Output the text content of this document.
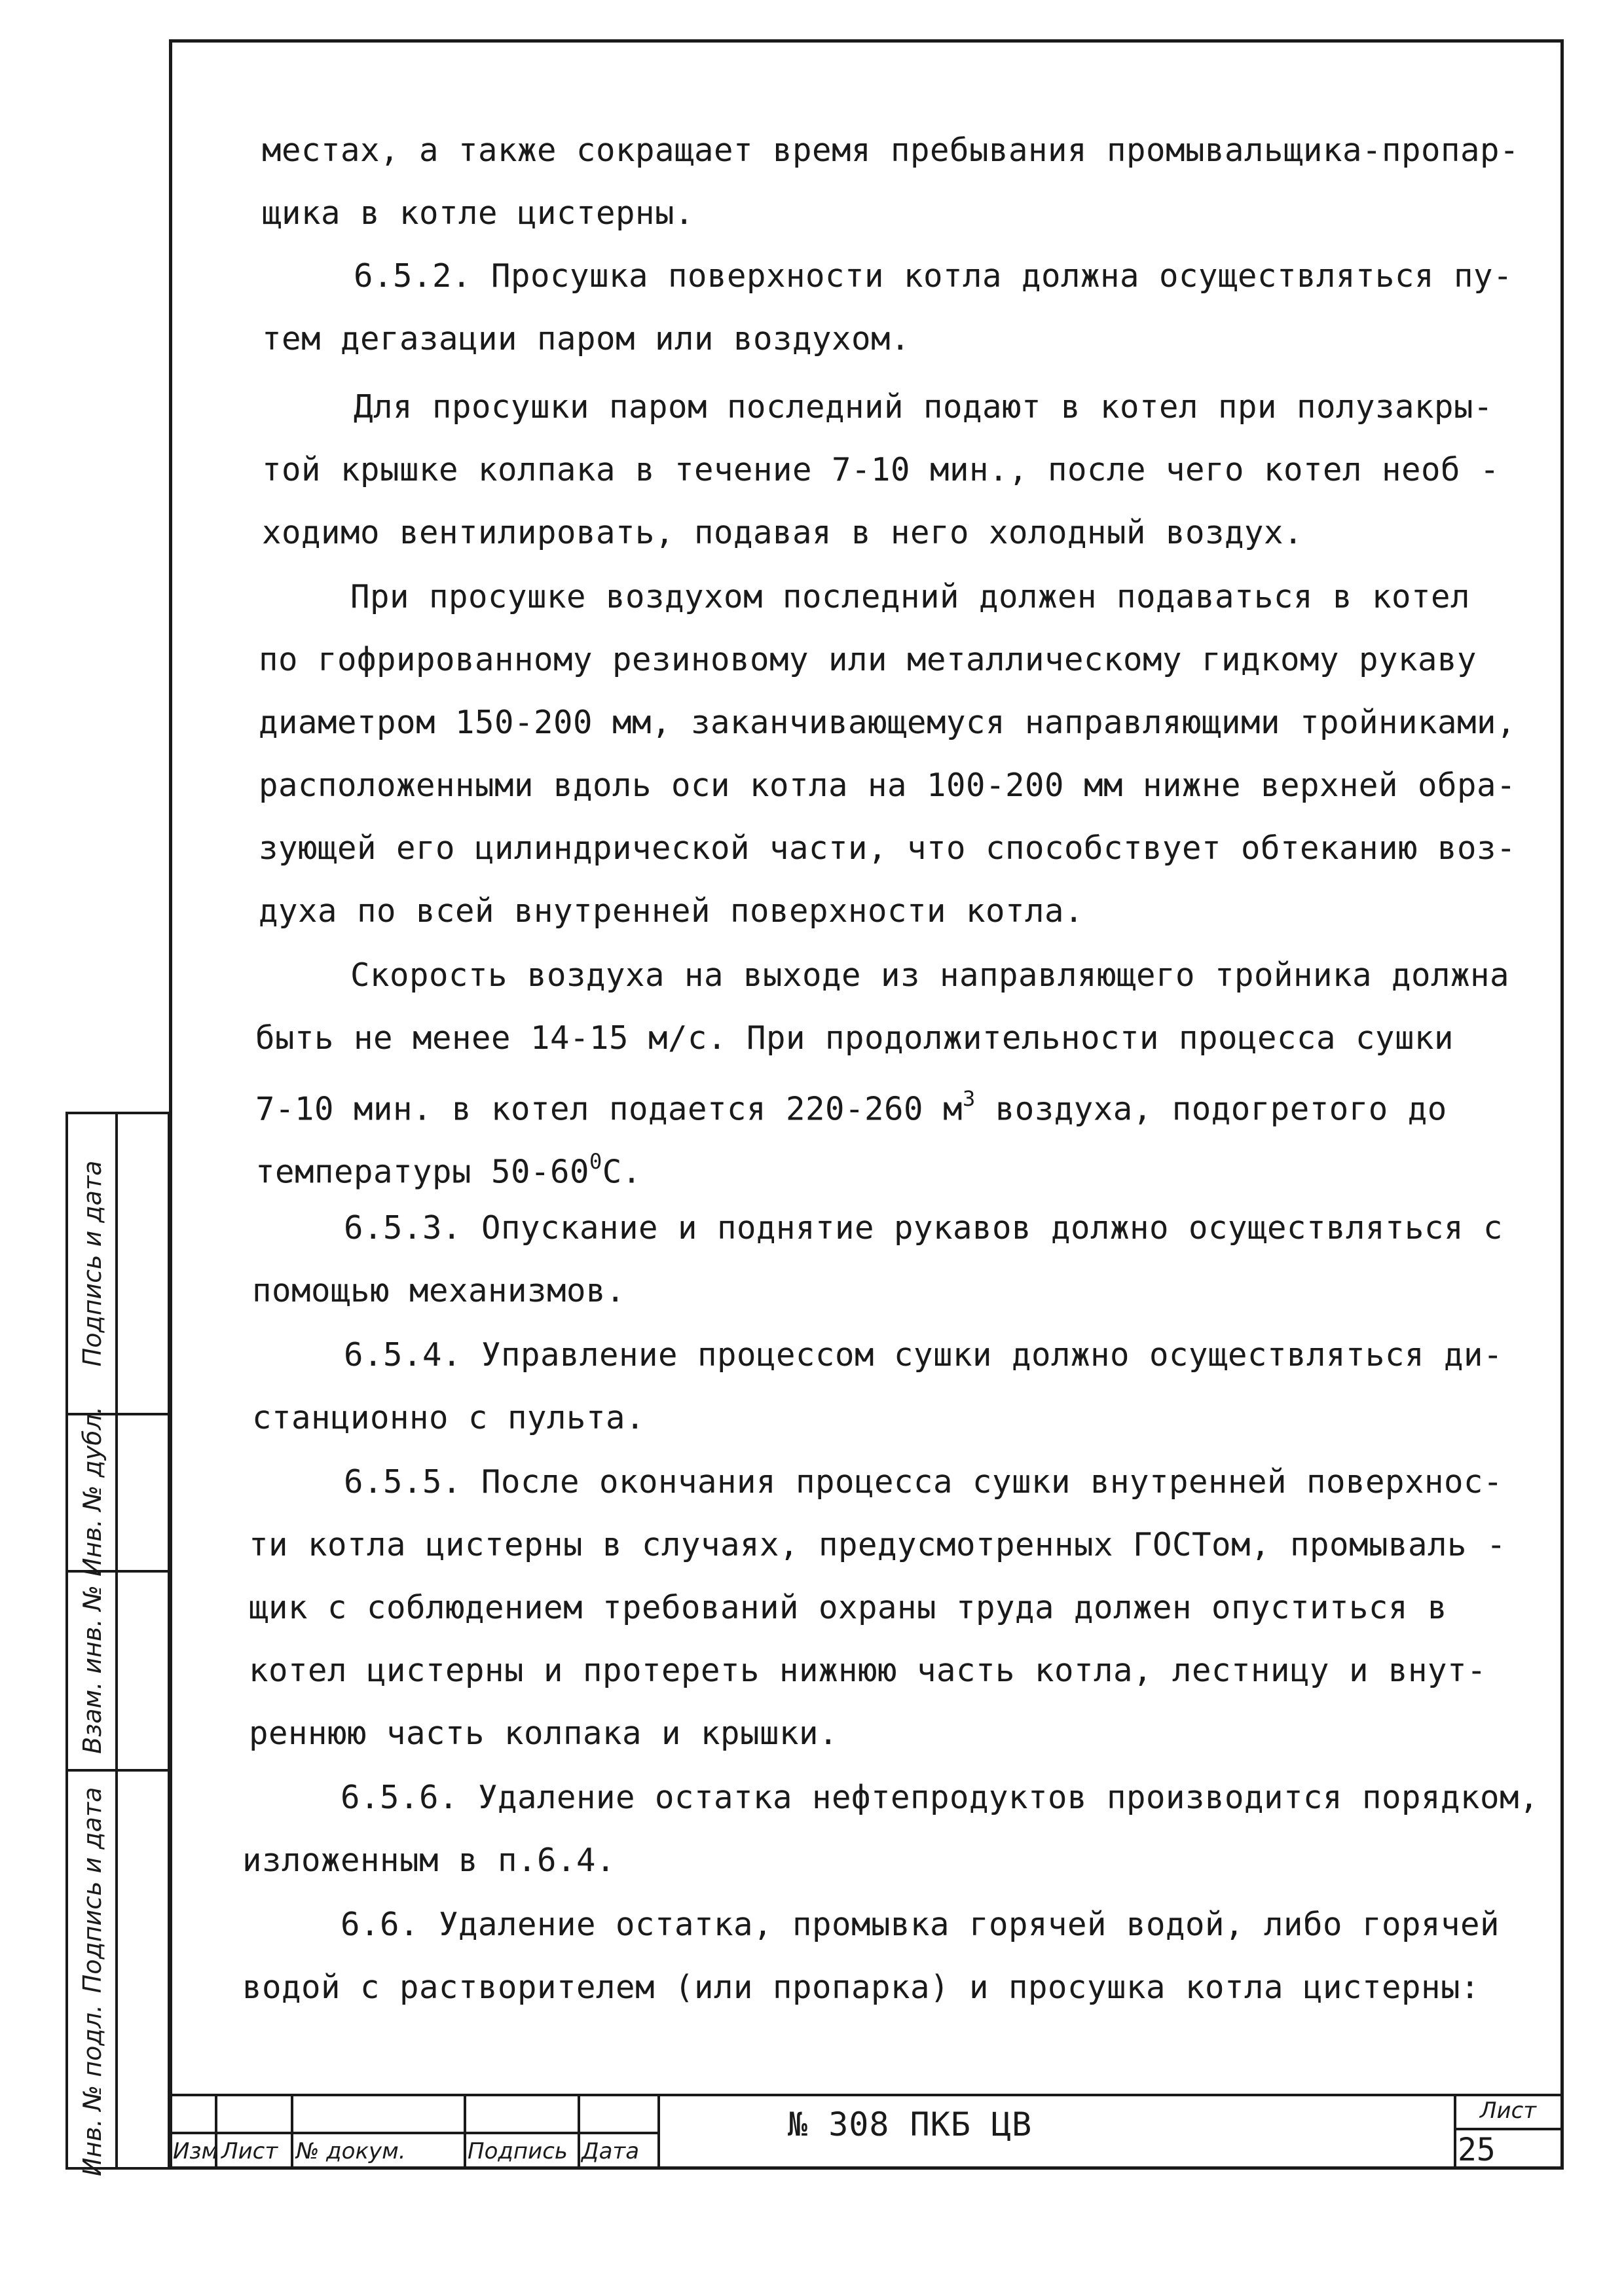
местах, а также сокращает время пребывания промывальщика-пропар-
щика в котле цистерны.
6.5.2. Просушка поверхности котла должна осуществляться пу-
тем дегазации паром или воздухом.
Для просушки паром последний подают в котел при полузакры-
той крышке колпака в течение 7-10 мин., после чего котел необ -
ходимо вентилировать, подавая в него холодный воздух.
При просушке воздухом последний должен подаваться в котел
по гофрированному резиновому или металлическому гидкому рукаву
диаметром 150-200 мм, заканчивающемуся направляющими тройниками,
расположенными вдоль оси котла на 100-200 мм нижне верхней обра-
зующей его цилиндрической части, что способствует обтеканию воз-
духа по всей внутренней поверхности котла.
Скорость воздуха на выходе из направляющего тройника должна
быть не менее 14-15 м/с. При продолжительности процесса сушки
7-10 мин. в котел подается 220-260 $м^3$ воздуха, подогретого до
температуры $50-60^0С$.
6.5.3. Опускание и поднятие рукавов должно осуществляться с
помощью механизмов.
6.5.4. Управление процессом сушки должно осуществляться ди-
станционно с пульта.
6.5.5. После окончания процесса сушки внутренней поверхнос-
ти котла цистерны в случаях, предусмотренных ГОСТом, промываль -
щик с соблюдением требований охраны труда должен опуститься в
котел цистерны и протереть нижнюю часть котла, лестницу и внут-
реннюю часть колпака и крышки.
6.5.6. Удаление остатка нефтепродуктов производится порядком,
изложенным в п.6.4.
6.6. Удаление остатка, промывка горячей водой, либо горячей
водой с растворителем (или пропарка) и просушка котла цистерны:
Подпись и дата
Инв. № дубл.
Взам. инв. №
Подпись и дата
Инв. № подл.	Изм Лист № докум.	Подпись Дата
№ 308 ПКБ ЦВ	Лист
25
